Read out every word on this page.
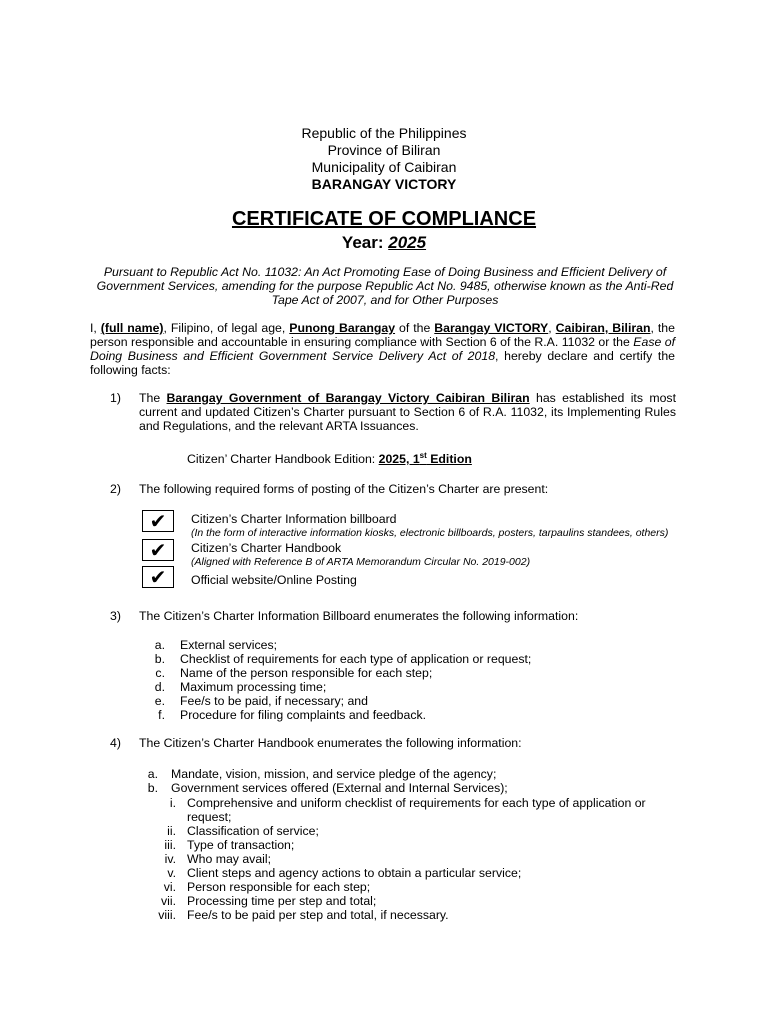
Republic of the Philippines
Province of Biliran
Municipality of Caibiran
BARANGAY VICTORY
CERTIFICATE OF COMPLIANCE
Year: 2025
Pursuant to Republic Act No. 11032: An Act Promoting Ease of Doing Business and Efficient Delivery of Government Services, amending for the purpose Republic Act No. 9485, otherwise known as the Anti-Red Tape Act of 2007, and for Other Purposes
I, (full name), Filipino, of legal age, Punong Barangay of the Barangay VICTORY, Caibiran, Biliran, the person responsible and accountable in ensuring compliance with Section 6 of the R.A. 11032 or the Ease of Doing Business and Efficient Government Service Delivery Act of 2018, hereby declare and certify the following facts:
1) The Barangay Government of Barangay Victory Caibiran Biliran has established its most current and updated Citizen’s Charter pursuant to Section 6 of R.A. 11032, its Implementing Rules and Regulations, and the relevant ARTA Issuances.
Citizen’ Charter Handbook Edition: 2025, 1st Edition
2) The following required forms of posting of the Citizen’s Charter are present:
✔
✔
✔
Citizen’s Charter Information billboard
(In the form of interactive information kiosks, electronic billboards, posters, tarpaulins standees, others)
Citizen’s Charter Handbook
(Aligned with Reference B of ARTA Memorandum Circular No. 2019-002)
Official website/Online Posting
3) The Citizen’s Charter Information Billboard enumerates the following information:
a. External services;
b. Checklist of requirements for each type of application or request;
c. Name of the person responsible for each step;
d. Maximum processing time;
e. Fee/s to be paid, if necessary; and
f. Procedure for filing complaints and feedback.
4) The Citizen’s Charter Handbook enumerates the following information:
a. Mandate, vision, mission, and service pledge of the agency;
b. Government services offered (External and Internal Services);
i. Comprehensive and uniform checklist of requirements for each type of application or
request;
ii. Classification of service;
iii. Type of transaction;
iv. Who may avail;
v. Client steps and agency actions to obtain a particular service;
vi. Person responsible for each step;
vii. Processing time per step and total;
viii. Fee/s to be paid per step and total, if necessary.
